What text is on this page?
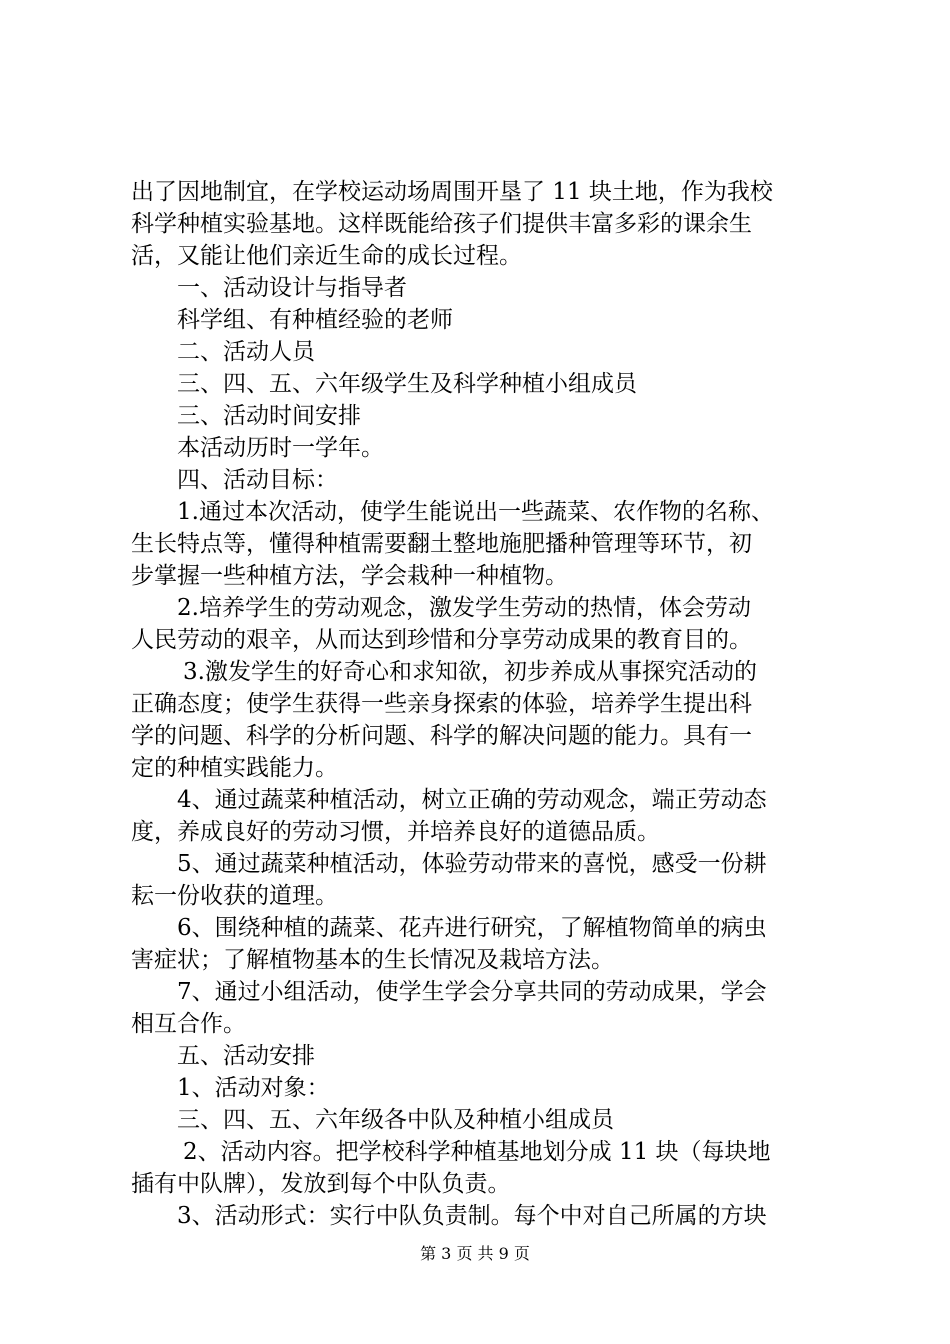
出了因地制宜，在学校运动场周围开垦了 11 块土地，作为我校
科学种植实验基地。这样既能给孩子们提供丰富多彩的课余生
活，又能让他们亲近生命的成长过程。
一、活动设计与指导者
科学组、有种植经验的老师
二、活动人员
三、四、五、六年级学生及科学种植小组成员
三、活动时间安排
本活动历时一学年。
四、活动目标：
1.通过本次活动，使学生能说出一些蔬菜、农作物的名称、
生长特点等，懂得种植需要翻土整地施肥播种管理等环节，初
步掌握一些种植方法，学会栽种一种植物。
2.培养学生的劳动观念，激发学生劳动的热情，体会劳动
人民劳动的艰辛，从而达到珍惜和分享劳动成果的教育目的。
3.激发学生的好奇心和求知欲，初步养成从事探究活动的
正确态度；使学生获得一些亲身探索的体验，培养学生提出科
学的问题、科学的分析问题、科学的解决问题的能力。具有一
定的种植实践能力。
4、通过蔬菜种植活动，树立正确的劳动观念，端正劳动态
度，养成良好的劳动习惯，并培养良好的道德品质。
5、通过蔬菜种植活动，体验劳动带来的喜悦，感受一份耕
耘一份收获的道理。
6、围绕种植的蔬菜、花卉进行研究，了解植物简单的病虫
害症状；了解植物基本的生长情况及栽培方法。
7、通过小组活动，使学生学会分享共同的劳动成果，学会
相互合作。
五、活动安排
1、活动对象：
三、四、五、六年级各中队及种植小组成员
2、活动内容。把学校科学种植基地划分成 11 块（每块地
插有中队牌），发放到每个中队负责。
3、活动形式：实行中队负责制。每个中对自己所属的方块
第 3 页 共 9 页
